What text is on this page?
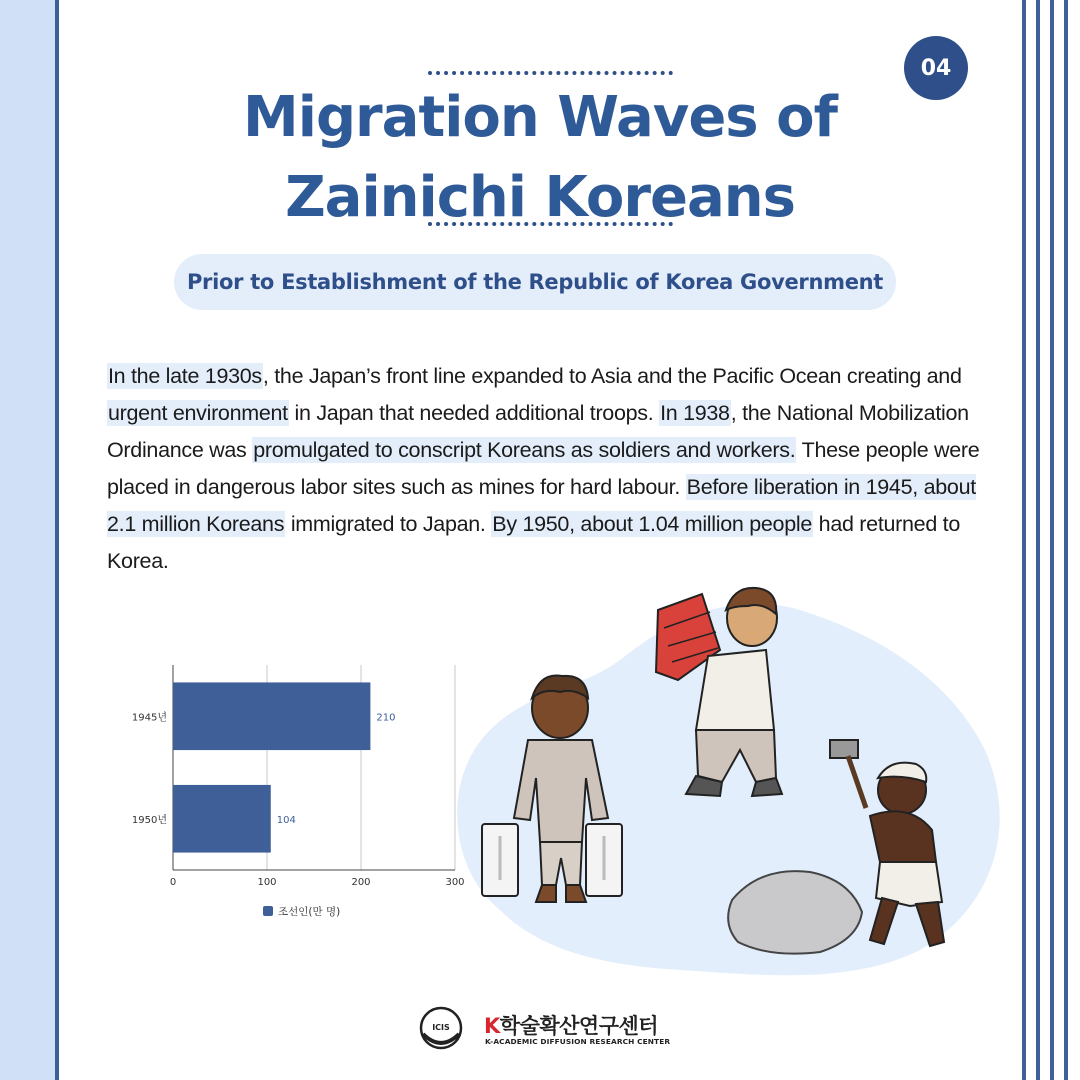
04
Migration Waves of
Zainichi Koreans
Prior to Establishment of the Republic of Korea Government
In the late 1930s, the Japan’s front line expanded to Asia and the Pacific Ocean creating and urgent environment in Japan that needed additional troops. In 1938, the National Mobilization Ordinance was promulgated to conscript Koreans as soldiers and workers. These people were placed in dangerous labor sites such as mines for hard labour. Before liberation in 1945, about 2.1 million Koreans immigrated to Japan. By 1950, about 1.04 million people had returned to Korea.
0	100	200	300
1945년	210
1950년	104
조선인(만 명)
ICIS K학술확산연구센터
K-ACADEMIC DIFFUSION RESEARCH CENTER
